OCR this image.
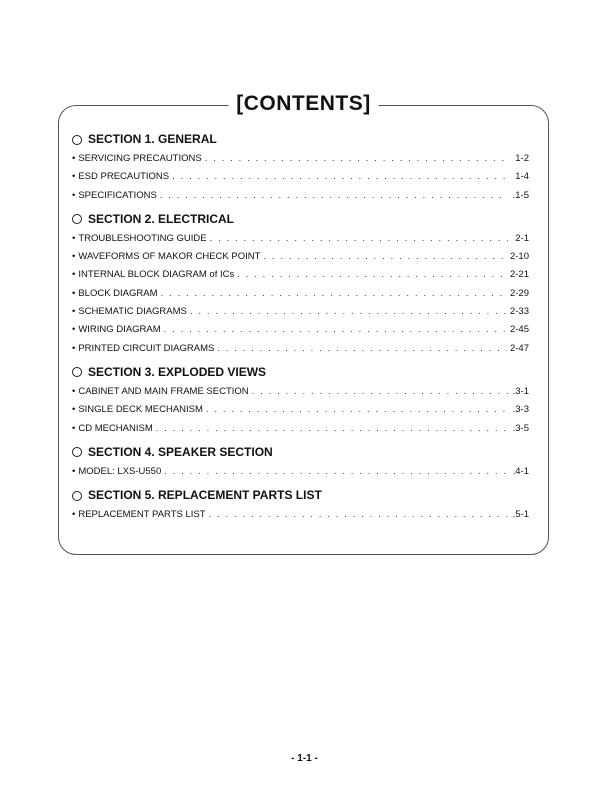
[CONTENTS]
SECTION 1. GENERAL
• SERVICING PRECAUTIONS . . .	1-2
• ESD PRECAUTIONS . . .	1-4
• SPECIFICATIONS . . .	.1-5
SECTION 2. ELECTRICAL
• TROUBLESHOOTING GUIDE . . .	2-1
• WAVEFORMS OF MAKOR CHECK POINT . . .	2-10
• INTERNAL BLOCK DIAGRAM of ICs . . .	2-21
• BLOCK DIAGRAM . . .	2-29
• SCHEMATIC DIAGRAMS . . .	2-33
• WIRING DIAGRAM . . .	2-45
• PRINTED CIRCUIT DIAGRAMS . . .	2-47
SECTION 3. EXPLODED VIEWS
• CABINET AND MAIN FRAME SECTION . . .	.3-1
• SINGLE DECK MECHANISM . . .	.3-3
• CD MECHANISM . . .	.3-5
SECTION 4. SPEAKER SECTION
• MODEL: LXS-U550 . . .	.4-1
SECTION 5. REPLACEMENT PARTS LIST
• REPLACEMENT PARTS LIST . . .	.5-1
- 1-1 -
